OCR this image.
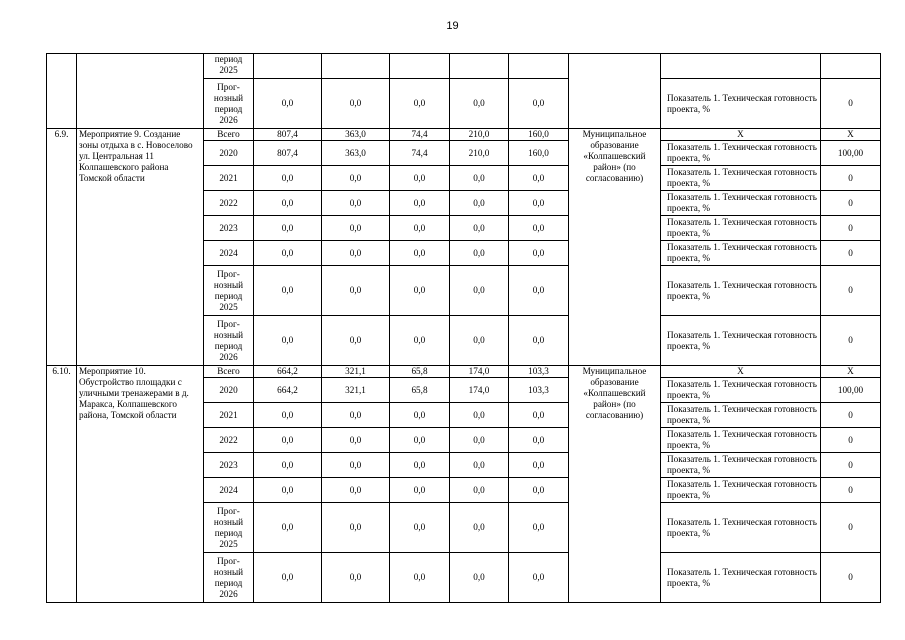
19
		период 2025								
		Прог-нозный период 2026	0,0	0,0	0,0	0,0	0,0		Показатель 1. Техническая готовность проекта, %	0
6.9.	Мероприятие 9. Создание зоны отдыха в с. Новоселово ул. Центральная 11 Колпашевского района Томской области	Всего	807,4	363,0	74,4	210,0	160,0	Муниципальное образование «Колпашевский район» (по согласованию)	X	X
		2020	807,4	363,0	74,4	210,0	160,0		Показатель 1. Техническая готовность проекта, %	100,00
		2021	0,0	0,0	0,0	0,0	0,0		Показатель 1. Техническая готовность проекта, %	0
		2022	0,0	0,0	0,0	0,0	0,0		Показатель 1. Техническая готовность проекта, %	0
		2023	0,0	0,0	0,0	0,0	0,0		Показатель 1. Техническая готовность проекта, %	0
		2024	0,0	0,0	0,0	0,0	0,0		Показатель 1. Техническая готовность проекта, %	0
		Прог-нозный период 2025	0,0	0,0	0,0	0,0	0,0		Показатель 1. Техническая готовность проекта, %	0
		Прог-нозный период 2026	0,0	0,0	0,0	0,0	0,0		Показатель 1. Техническая готовность проекта, %	0
6.10.	Мероприятие 10. Обустройство площадки с уличными тренажерами в д. Маракса, Колпашевского района, Томской области	Всего	664,2	321,1	65,8	174,0	103,3	Муниципальное образование «Колпашевский район» (по согласованию)	X	X
		2020	664,2	321,1	65,8	174,0	103,3		Показатель 1. Техническая готовность проекта, %	100,00
		2021	0,0	0,0	0,0	0,0	0,0		Показатель 1. Техническая готовность проекта, %	0
		2022	0,0	0,0	0,0	0,0	0,0		Показатель 1. Техническая готовность проекта, %	0
		2023	0,0	0,0	0,0	0,0	0,0		Показатель 1. Техническая готовность проекта, %	0
		2024	0,0	0,0	0,0	0,0	0,0		Показатель 1. Техническая готовность проекта, %	0
		Прог-нозный период 2025	0,0	0,0	0,0	0,0	0,0		Показатель 1. Техническая готовность проекта, %	0
		Прог-нозный период 2026	0,0	0,0	0,0	0,0	0,0		Показатель 1. Техническая готовность проекта, %	0
